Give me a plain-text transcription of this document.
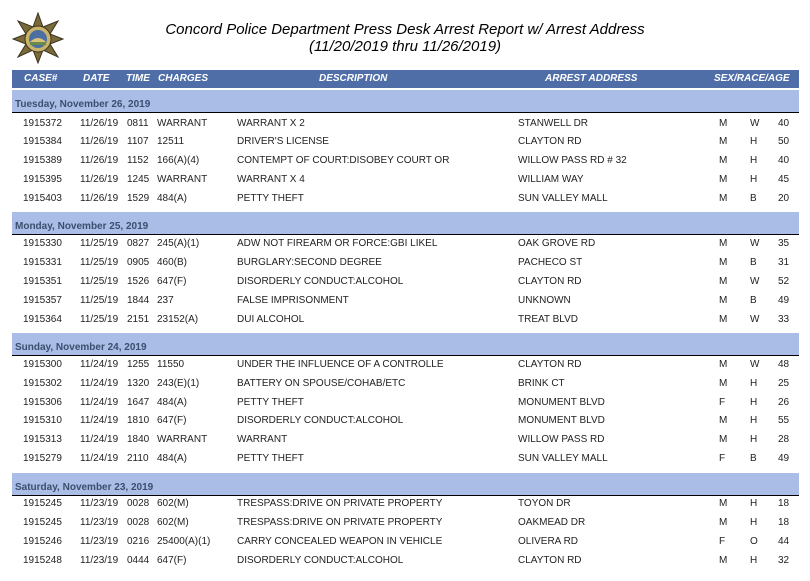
Concord Police Department Press Desk Arrest Report w/ Arrest Address
(11/20/2019 thru 11/26/2019)
CASE#	DATE TIME CHARGES	DESCRIPTION	ARREST ADDRESS	SEX/RACE/AGE
Tuesday, November 26, 2019
1915372 11/26/19 0811 WARRANT	WARRANT X 2	STANWELL DR	M W 40
1915384 11/26/19 1107 12511	DRIVER'S LICENSE	CLAYTON RD	M H 50
1915389 11/26/19 1152 166(A)(4)	CONTEMPT OF COURT:DISOBEY COURT OR	WILLOW PASS RD # 32	M H 40
1915395 11/26/19 1245 WARRANT	WARRANT X 4	WILLIAM WAY	M H 45
1915403 11/26/19 1529 484(A)	PETTY THEFT	SUN VALLEY MALL	M B 20
Monday, November 25, 2019
1915330 11/25/19 0827 245(A)(1)	ADW NOT FIREARM OR FORCE:GBI LIKEL	OAK GROVE RD	M W 35
1915331 11/25/19 0905 460(B)	BURGLARY:SECOND DEGREE	PACHECO ST	M B 31
1915351 11/25/19 1526 647(F)	DISORDERLY CONDUCT:ALCOHOL	CLAYTON RD	M W 52
1915357 11/25/19 1844 237	FALSE IMPRISONMENT	UNKNOWN	M B 49
1915364 11/25/19 2151 23152(A)	DUI ALCOHOL	TREAT BLVD	M W 33
Sunday, November 24, 2019
1915300 11/24/19 1255 11550	UNDER THE INFLUENCE OF A CONTROLLE	CLAYTON RD	M W 48
1915302 11/24/19 1320 243(E)(1)	BATTERY ON SPOUSE/COHAB/ETC	BRINK CT	M H 25
1915306 11/24/19 1647 484(A)	PETTY THEFT	MONUMENT BLVD	F H 26
1915310 11/24/19 1810 647(F)	DISORDERLY CONDUCT:ALCOHOL	MONUMENT BLVD	M H 55
1915313 11/24/19 1840 WARRANT	WARRANT	WILLOW PASS RD	M H 28
1915279 11/24/19 2110 484(A)	PETTY THEFT	SUN VALLEY MALL	F B 49
Saturday, November 23, 2019
1915245 11/23/19 0028 602(M)	TRESPASS:DRIVE ON PRIVATE PROPERTY	TOYON DR	M H 18
1915245 11/23/19 0028 602(M)	TRESPASS:DRIVE ON PRIVATE PROPERTY	OAKMEAD DR	M H 18
1915246 11/23/19 0216 25400(A)(1)	CARRY CONCEALED WEAPON IN VEHICLE	OLIVERA RD	F O 44
1915248 11/23/19 0444 647(F)	DISORDERLY CONDUCT:ALCOHOL	CLAYTON RD	M H 32
